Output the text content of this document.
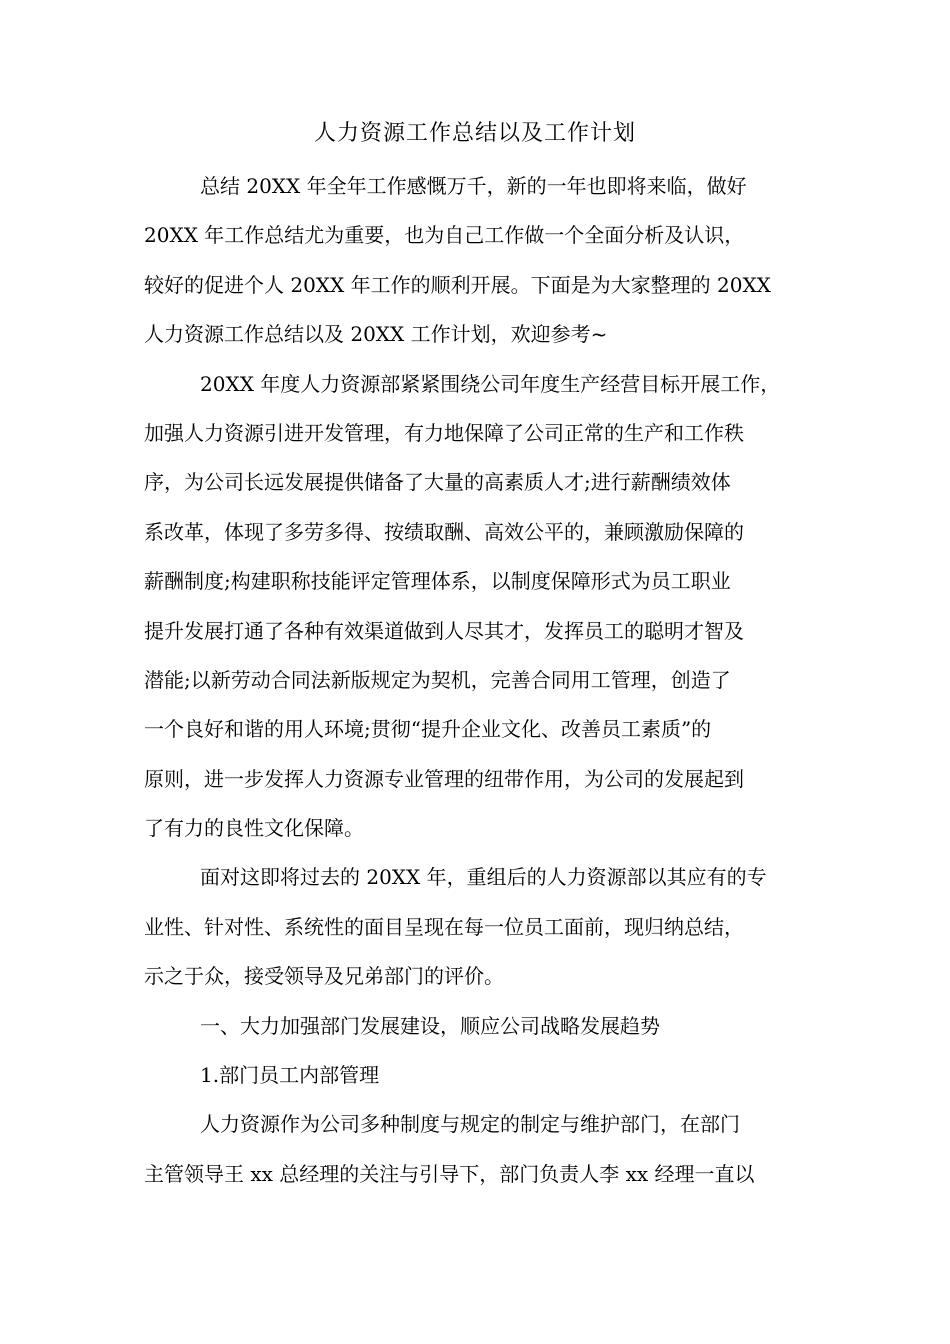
人力资源工作总结以及工作计划
总结 20XX 年全年工作感慨万千，新的一年也即将来临，做好
20XX 年工作总结尤为重要，也为自己工作做一个全面分析及认识，
较好的促进个人 20XX 年工作的顺利开展。下面是为大家整理的 20XX
人力资源工作总结以及 20XX 工作计划，欢迎参考~
20XX 年度人力资源部紧紧围绕公司年度生产经营目标开展工作，
加强人力资源引进开发管理，有力地保障了公司正常的生产和工作秩
序，为公司长远发展提供储备了大量的高素质人才;进行薪酬绩效体
系改革，体现了多劳多得、按绩取酬、高效公平的，兼顾激励保障的
薪酬制度;构建职称技能评定管理体系，以制度保障形式为员工职业
提升发展打通了各种有效渠道做到人尽其才，发挥员工的聪明才智及
潜能;以新劳动合同法新版规定为契机，完善合同用工管理，创造了
一个良好和谐的用人环境;贯彻“提升企业文化、改善员工素质”的
原则，进一步发挥人力资源专业管理的纽带作用，为公司的发展起到
了有力的良性文化保障。
面对这即将过去的 20XX 年，重组后的人力资源部以其应有的专
业性、针对性、系统性的面目呈现在每一位员工面前，现归纳总结，
示之于众，接受领导及兄弟部门的评价。
一、大力加强部门发展建设，顺应公司战略发展趋势
1.部门员工内部管理
人力资源作为公司多种制度与规定的制定与维护部门，在部门
主管领导王 xx 总经理的关注与引导下，部门负责人李 xx 经理一直以
